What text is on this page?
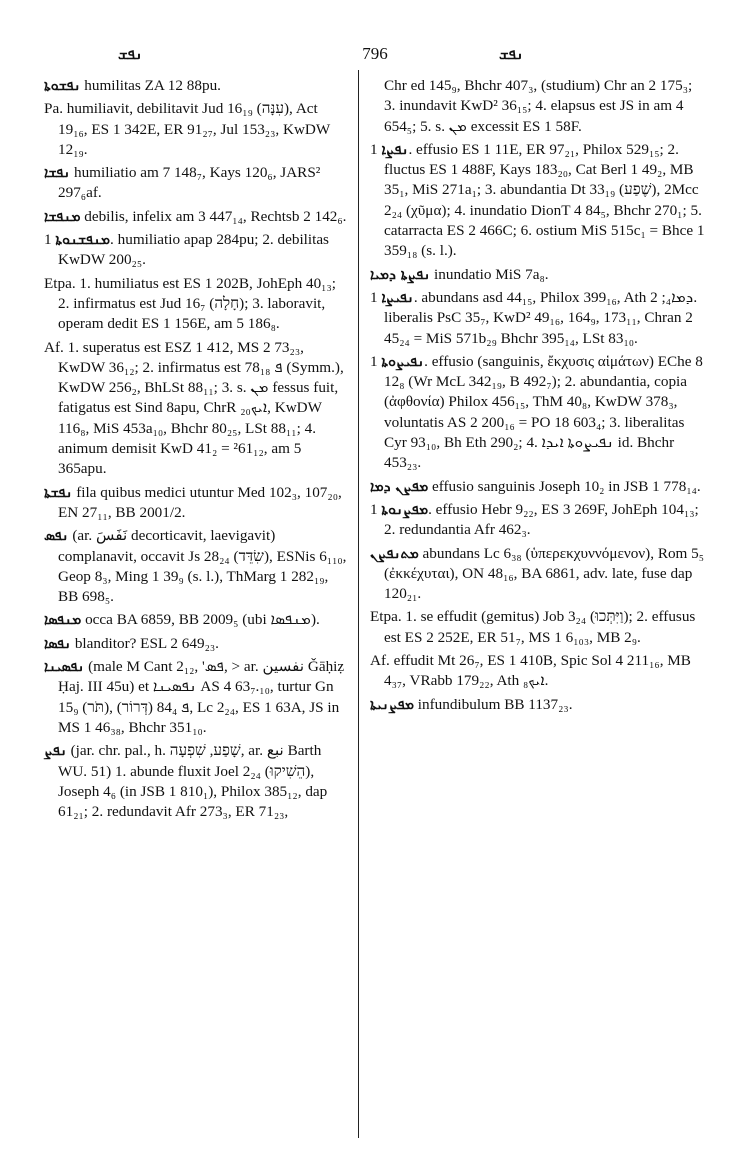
ܢܦܫ	796	ܢܦܫ

ܢܦܫܘܬܐ humilitas ZA 12 88pu.

Pa. humiliavit, debilitavit Jud 16₁₉ (עִנָּה), Act 19₁₆, ES 1 342E, ER 91₂₇, Jul 153₂₃, KwDW 12₁₉.

ܢܦܫܐ humiliatio am 7 148₇, Kays 120₆, JARS² 297₆af.

ܡܢܦܫܐ debilis, infelix am 3 447₁₄, Rechtsb 2 142₆.

ܡܢܦܫܢܘܬܐ 1. humiliatio apap 284pu; 2. debilitas KwDW 200₂₅.

Etpa. 1. humiliatus est ES 1 202B, JohEph 40₁₃; 2. infirmatus est Jud 16₇ (חָלָה); 3. laboravit, operam dedit ES 1 156E, am 5 186₈.

Af. 1. superatus est ESZ 1 412, MS 2 73₂₃, KwDW 36₁₂; 2. infirmatus est ܦ 78₁₈ (Symm.), KwDW 256₂, BhLSt 88₁₁; 3. s. ܡܢ fessus fuit, fatigatus est Sind 8apu, ChrR ܐܝܟ₂₀, KwDW 116₈, MiS 453a₁₀, Bhchr 80₂₅, LSt 88₁₁; 4. animum demisit KwD 41₂ = ²61₁₂, am 5 365apu.

ܢܦܫܬܐ fila quibus medici utuntur Med 102₃, 107₂₀, EN 27₁₁, BB 2001/2.

ܢܦܣ (ar. نَفَسَ decorticavit, laevigavit) complanavit, occavit Js 28₂₄ (שִׂדֵּד), ESNis 6₁₁₀, Geop 8₃, Ming 1 39₉ (s. l.), ThMarg 1 282₁₉, BB 698₅.

ܡܢܦܣܐ occa BA 6859, BB 2009₅ (ubi ܡܢܦܣܐ).

ܢܦܣܐ blanditor? ESL 2 649₂₃.

ܢܦܣܝܢܐ (male M Cant 2₁₂, 'ܦܣ, > ar. نفسين Ǧāḥiẓ Ḥaj. III 45u) et ܢܦܣܝܢܐ AS 4 63₇.₁₀, turtur Gn 15₉ (תֹּר), ܦ 84₄ (דְּרוֹר), Lc 2₂₄, ES 1 63A, JS in MS 1 46₃₈, Bhchr 351₁₀.

ܢܦܨ (jar. chr. pal., h. שָׁפַע, שִׁפְעָה, ar. نبع Barth WU. 51) 1. abunde fluxit Joel 2₂₄ (הֵשִׁיקוּ), Joseph 4₆ (in JSB 1 810₁), Philox 385₁₂, dap 61₂₁; 2. redundavit Afr 273₃, ER 71₂₃,

Chr ed 145₉, Bhchr 407₃, (studium) Chr an 2 175₃; 3. inundavit KwD² 36₁₅; 4. elapsus est JS in am 4 654₅; 5. s. ܡܢ excessit ES 1 58F.

ܢܦܨܐ 1. effusio ES 1 11E, ER 97₂₁, Philox 529₁₅; 2. fluctus ES 1 488F, Kays 183₂₀, Cat Berl 1 49₂, MB 35₁, MiS 271a₁; 3. abundantia Dt 33₁₉ (שֶׁפַע), 2Mcc 2₂₄ (χῦμα); 4. inundatio DionT 4 84₅, Bhchr 270₁; 5. catarracta ES 2 466C; 6. ostium MiS 515c₁ = Bhce 1 359₁₈ (s. l.).

ܢܦܨܬܐ ܕܡܝܐ inundatio MiS 7a₈.

ܢܦܝܨܐ 1. abundans asd 44₁₅, Philox 399₁₆, Ath ܕܡܐ₄; 2. liberalis PsC 35₇, KwD² 49₁₆, 164₉, 173₁₁, Chran 2 45₂₄ = MiS 571b₂₉ Bhchr 395₁₄, LSt 83₁₀.

ܢܦܝܨܘܬܐ 1. effusio (sanguinis, ἔκχυσις αἱμάτων) EChe 8 12₈ (Wr McL 342₁₉, B 492₇); 2. abundantia, copia (ἀφθονία) Philox 456₁₅, ThM 40₈, KwDW 378₃, voluntatis AS 2 200₁₆ = PO 18 603₄; 3. liberalitas Cyr 93₁₀, Bh Eth 290₂; 4. ܢܦܝܨܘܬܐ ܐܝܕܐ id. Bhchr 453₂₃.

ܡܦܨܢ ܕܡܐ effusio sanguinis Joseph 10₂ in JSB 1 778₁₄.

ܡܦܨܢܘܬܐ 1. effusio Hebr 9₂₂, ES 3 269F, JohEph 104₁₃; 2. redundantia Afr 462₃.

ܡܬܢܦܨܢ abundans Lc 6₃₈ (ὑπερεκχυννόμενον), Rom 5₅ (ἐκκέχυται), ON 48₁₆, BA 6861, adv. late, fuse dap 120₂₁.

Etpa. 1. se effudit (gemitus) Job 3₂₄ (וַיִּתְּכוּ); 2. effusus est ES 2 252E, ER 51₇, MS 1 6₁₀₃, MB 2₉.

Af. effudit Mt 26₇, ES 1 410B, Spic Sol 4 211₁₆, MB 4₃₇, VRabb 179₂₂, Ath ܐܝܟ₈.

ܡܦܨܢܝܬܐ infundibulum BB 1137₂₃.
